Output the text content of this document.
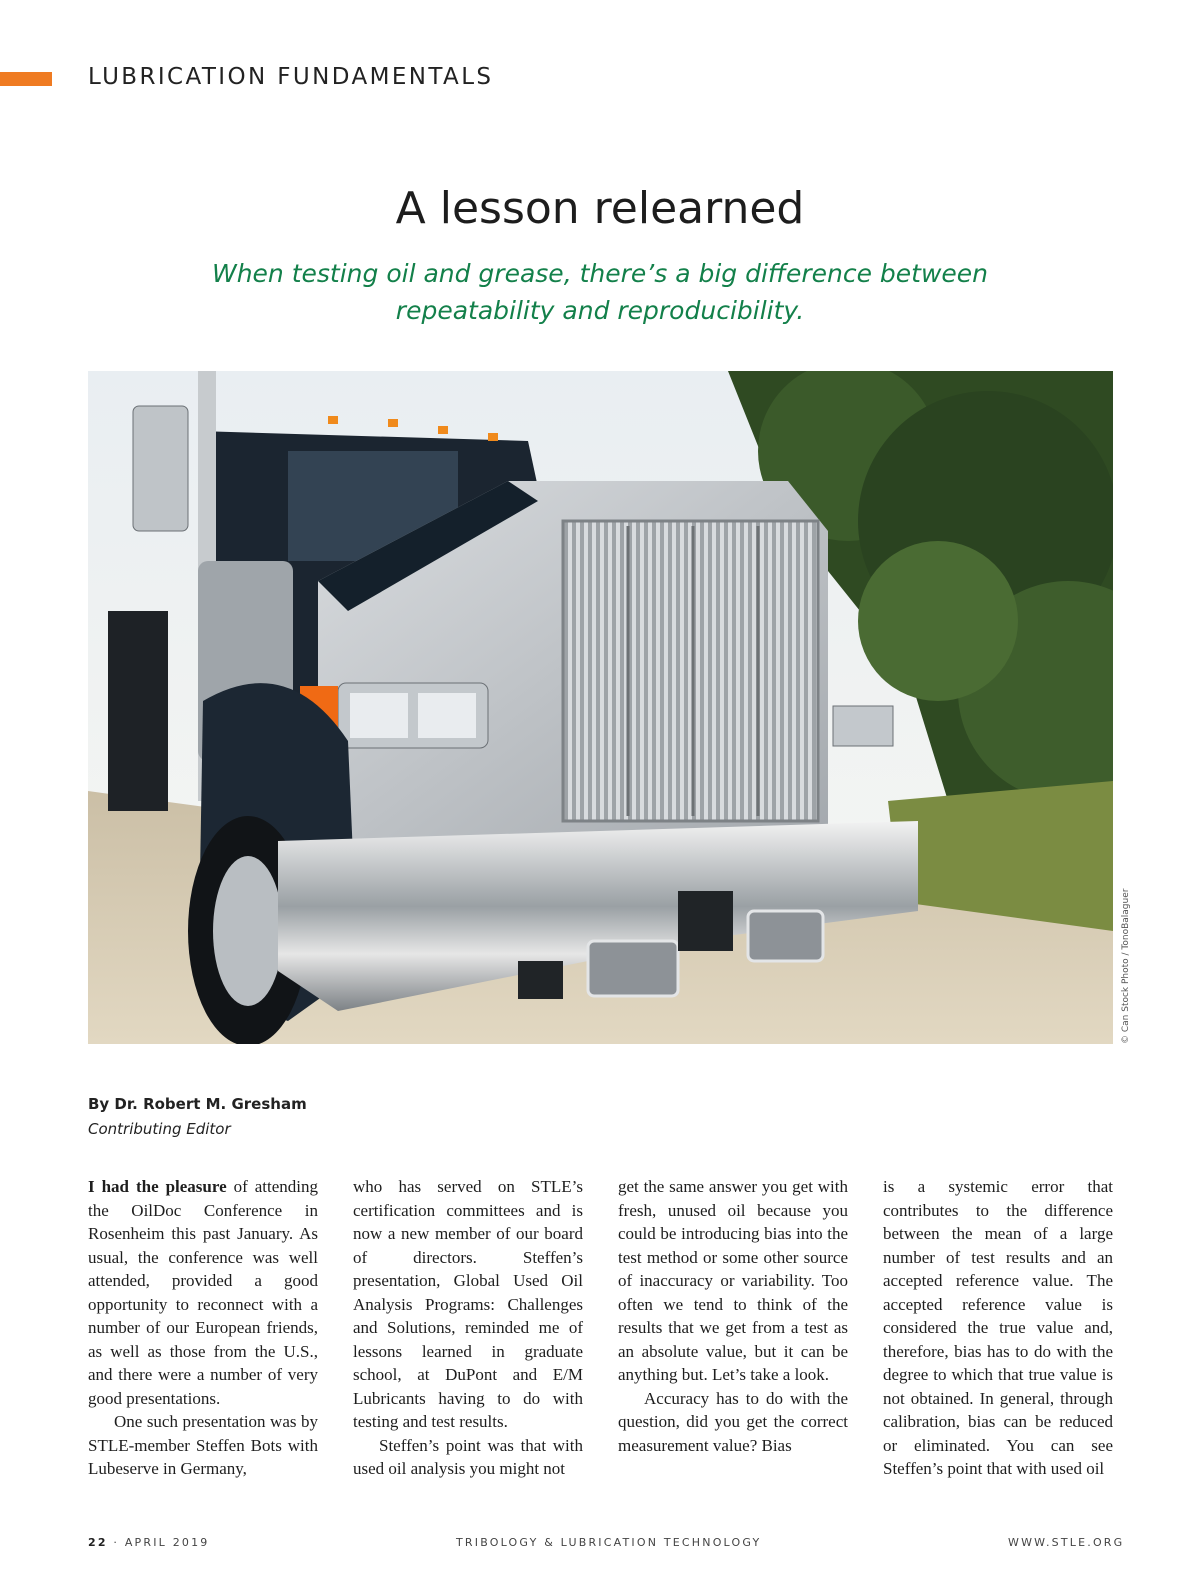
LUBRICATION FUNDAMENTALS
A lesson relearned
When testing oil and grease, there’s a big difference between
repeatability and reproducibility.
© Can Stock Photo / TonoBalaguer
By Dr. Robert M. Gresham
Contributing Editor

I had the pleasure of attending the OilDoc Conference in Rosenheim this past January. As usual, the conference was well attended, provided a good opportunity to reconnect with a number of our European friends, as well as those from the U.S., and there were a number of very good presentations.

One such presentation was by STLE-member Steffen Bots with Lubeserve in Germany,

who has served on STLE’s certification committees and is now a new member of our board of directors. Steffen’s presentation, Global Used Oil Analysis Programs: Challenges and Solutions, reminded me of lessons learned in graduate school, at DuPont and E/M Lubricants having to do with testing and test results.

Steffen’s point was that with used oil analysis you might not

get the same answer you get with fresh, unused oil because you could be introducing bias into the test method or some other source of inaccuracy or variability. Too often we tend to think of the results that we get from a test as an absolute value, but it can be anything but. Let’s take a look.

Accuracy has to do with the question, did you get the correct measurement value? Bias

is a systemic error that contributes to the difference between the mean of a large number of test results and an accepted reference value. The accepted reference value is considered the true value and, therefore, bias has to do with the degree to which that true value is not obtained. In general, through calibration, bias can be reduced or eliminated. You can see Steffen’s point that with used oil

22 · APRIL 2019	TRIBOLOGY & LUBRICATION TECHNOLOGY	WWW.STLE.ORG
